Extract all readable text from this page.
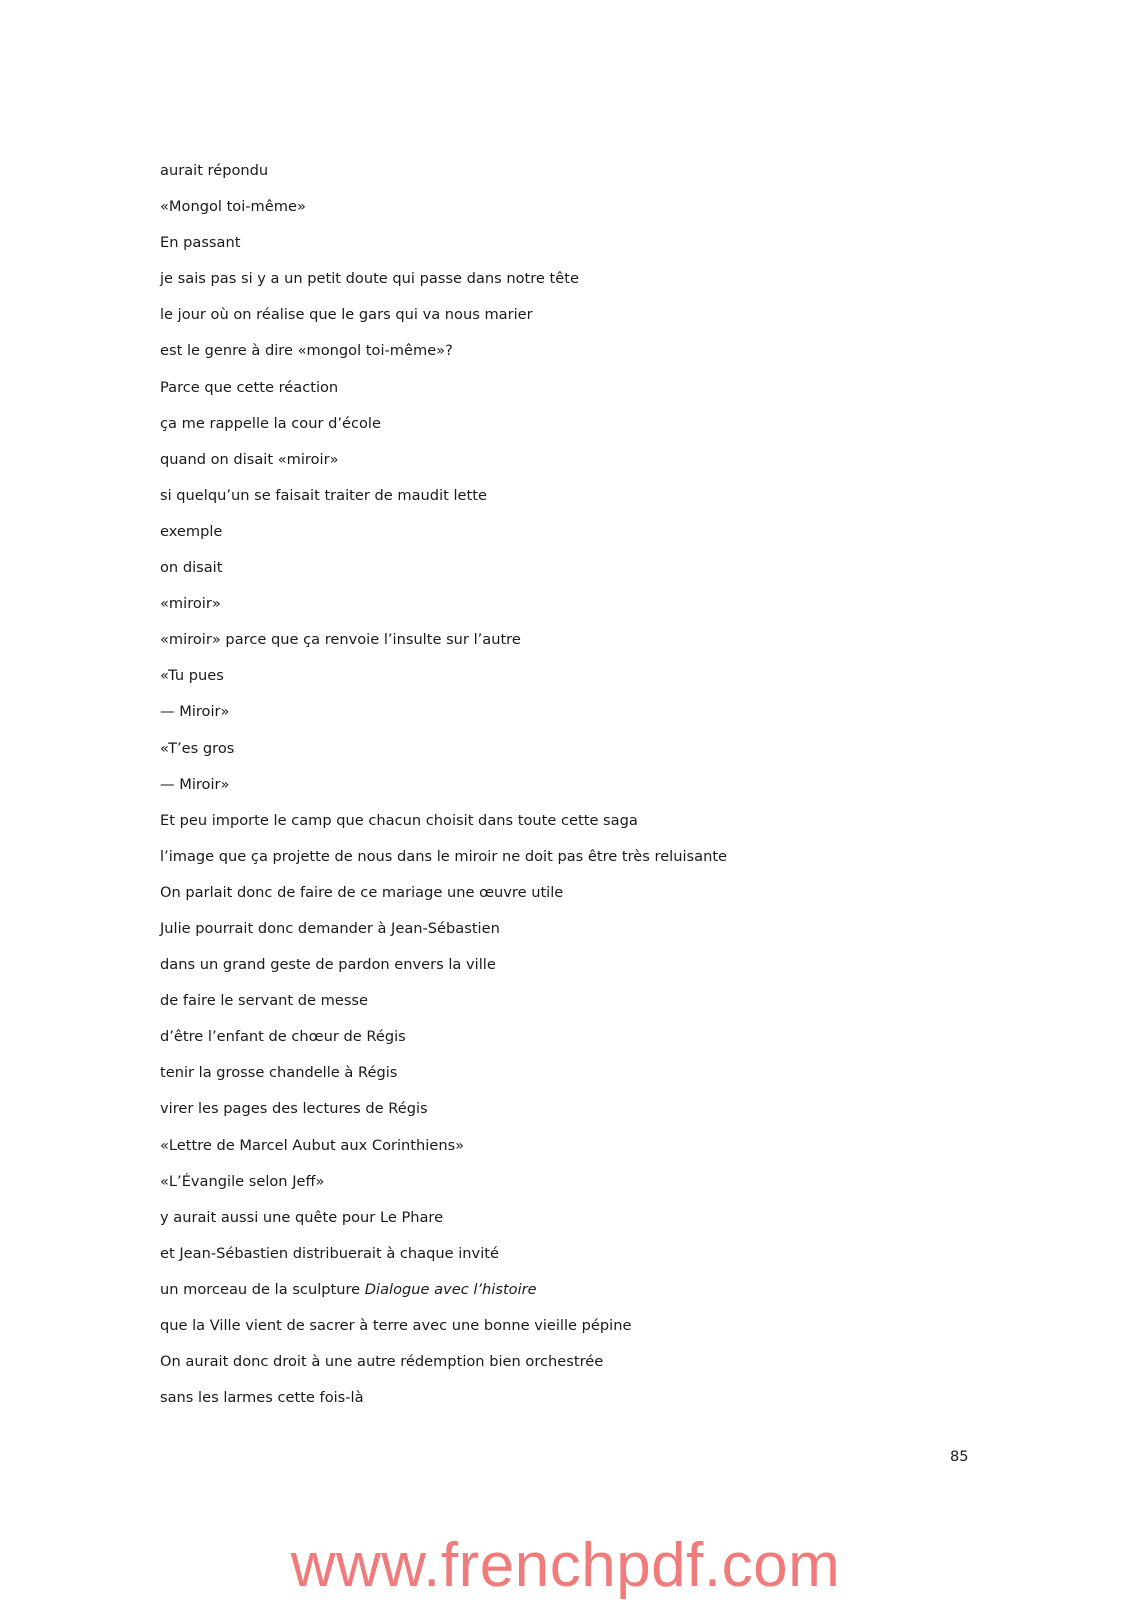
aurait répondu
«Mongol toi-même»
En passant
je sais pas si y a un petit doute qui passe dans notre tête
le jour où on réalise que le gars qui va nous marier
est le genre à dire «mongol toi-même»?
Parce que cette réaction
ça me rappelle la cour d’école
quand on disait «miroir»
si quelqu’un se faisait traiter de maudit lette
exemple
on disait
«miroir»
«miroir» parce que ça renvoie l’insulte sur l’autre
«Tu pues
— Miroir»
«T’es gros
— Miroir»
Et peu importe le camp que chacun choisit dans toute cette saga
l’image que ça projette de nous dans le miroir ne doit pas être très reluisante
On parlait donc de faire de ce mariage une œuvre utile
Julie pourrait donc demander à Jean-Sébastien
dans un grand geste de pardon envers la ville
de faire le servant de messe
d’être l’enfant de chœur de Régis
tenir la grosse chandelle à Régis
virer les pages des lectures de Régis
«Lettre de Marcel Aubut aux Corinthiens»
«L’Évangile selon Jeff»
y aurait aussi une quête pour Le Phare
et Jean-Sébastien distribuerait à chaque invité
un morceau de la sculpture Dialogue avec l’histoire
que la Ville vient de sacrer à terre avec une bonne vieille pépine
On aurait donc droit à une autre rédemption bien orchestrée
sans les larmes cette fois-là
85
www.frenchpdf.com
